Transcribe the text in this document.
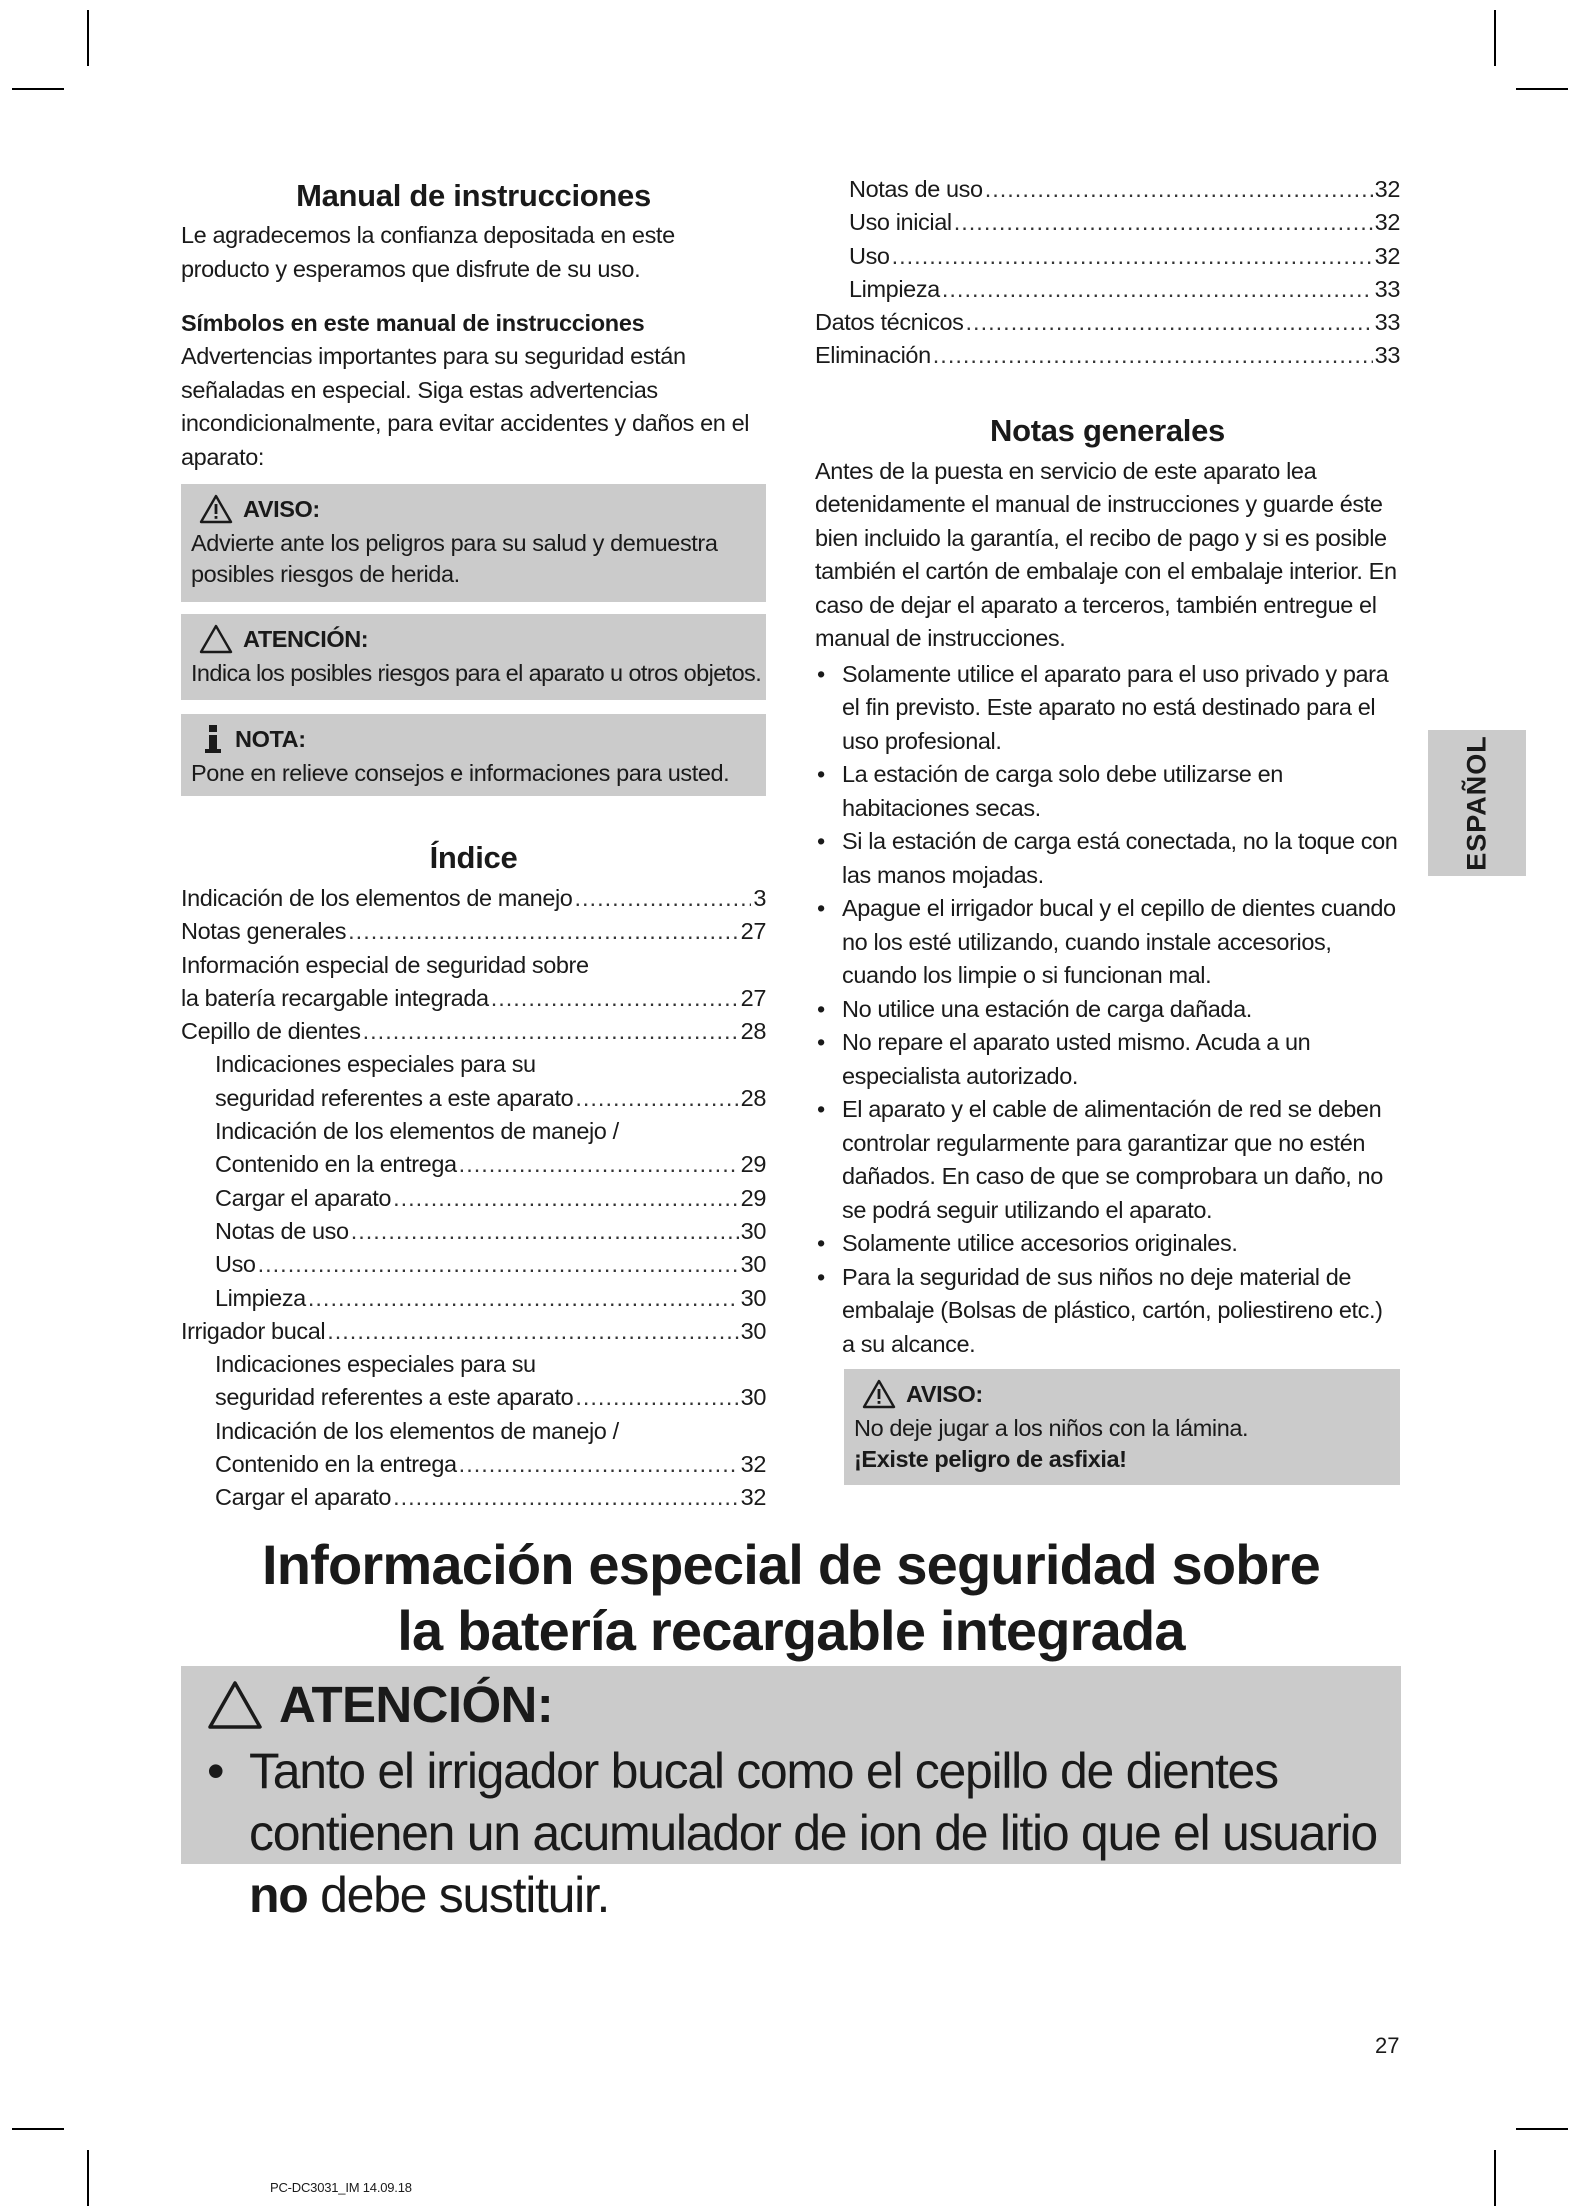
Manual de instrucciones

Le agradecemos la confianza depositada en este producto y esperamos que disfrute de su uso.

Símbolos en este manual de instrucciones

Advertencias importantes para su seguridad están señaladas en especial. Siga estas advertencias incondicionalmente, para evitar accidentes y daños en el aparato:

AVISO:

Advierte ante los peligros para su salud y demuestra posibles riesgos de herida.

ATENCIÓN:

Indica los posibles riesgos para el aparato u otros objetos.

NOTA:

Pone en relieve consejos e informaciones para usted.

Índice
Indicación de los elementos de manejo .....	3
Notas generales .....	27
Información especial de seguridad sobre
la batería recargable integrada .....	27
Cepillo de dientes .....	28
Indicaciones especiales para su
seguridad referentes a este aparato .....	28
Indicación de los elementos de manejo /
Contenido en la entrega .....	29
Cargar el aparato .....	29
Notas de uso .....	30
Uso .....	30
Limpieza .....	30
Irrigador bucal .....	30
Indicaciones especiales para su
seguridad referentes a este aparato .....	30
Indicación de los elementos de manejo /
Contenido en la entrega .....	32
Cargar el aparato .....	32
Notas de uso .....	32
Uso inicial .....	32
Uso .....	32
Limpieza .....	33
Datos técnicos .....	33
Eliminación .....	33
Notas generales

Antes de la puesta en servicio de este aparato lea detenidamente el manual de instrucciones y guarde éste bien incluido la garantía, el recibo de pago y si es posible también el cartón de embalaje con el embalaje interior. En caso de dejar el aparato a terceros, también entregue el manual de instrucciones.

• Solamente utilice el aparato para el uso privado y para el fin previsto. Este aparato no está destinado para el uso profesional.
• La estación de carga solo debe utilizarse en habitaciones secas.
• Si la estación de carga está conectada, no la toque con las manos mojadas.
• Apague el irrigador bucal y el cepillo de dientes cuando no los esté utilizando, cuando instale accesorios, cuando los limpie o si funcionan mal.
• No utilice una estación de carga dañada.
• No repare el aparato usted mismo. Acuda a un especialista autorizado.
• El aparato y el cable de alimentación de red se deben controlar regularmente para garantizar que no estén dañados. En caso de que se comprobara un daño, no se podrá seguir utilizando el aparato.
• Solamente utilice accesorios originales.
• Para la seguridad de sus niños no deje material de embalaje (Bolsas de plástico, cartón, poliestireno etc.) a su alcance.
AVISO:

No deje jugar a los niños con la lámina.

¡Existe peligro de asfixia!

ESPAÑOL
Información especial de seguridad sobre
la batería recargable integrada
ATENCIÓN:

• Tanto el irrigador bucal como el cepillo de dientes contienen un acumulador de ion de litio que el usuario no debe sustituir.

27
PC-DC3031_IM 14.09.18
